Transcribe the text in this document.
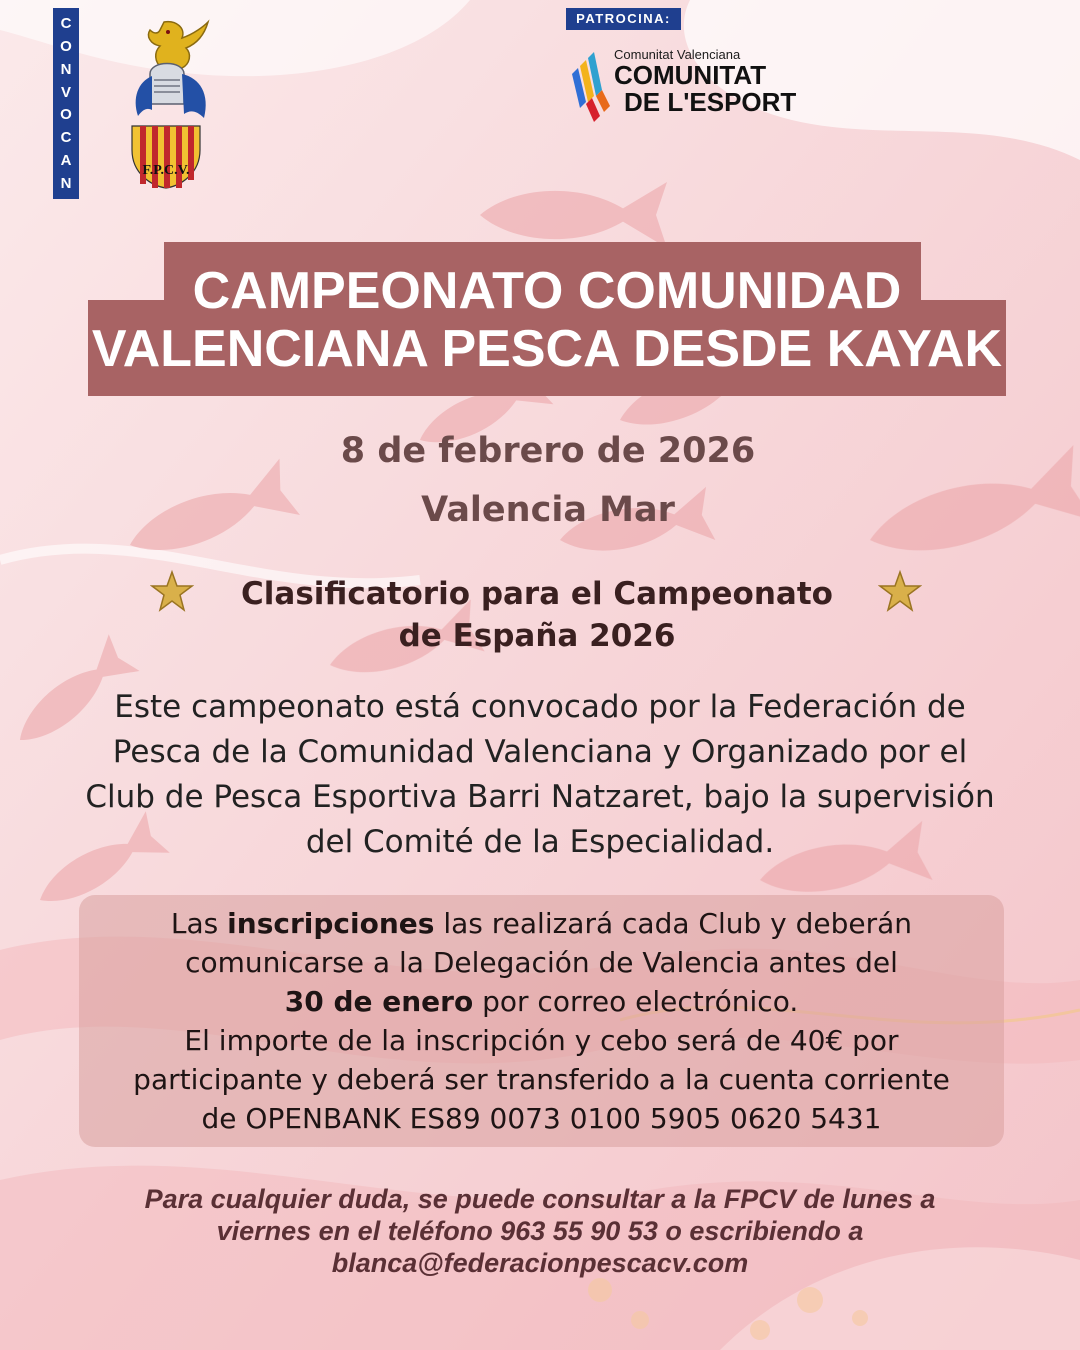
C
O
N
V
O
C
A
N
F.P.C.V.
PATROCINA:
Comunitat Valenciana
COMUNITAT
DE L'ESPORT
CAMPEONATO COMUNIDAD
VALENCIANA PESCA DESDE KAYAK
8 de febrero de 2026
Valencia Mar
Clasificatorio para el Campeonato
de España 2026
Este campeonato está convocado por la Federación de
Pesca de la Comunidad Valenciana y Organizado por el
Club de Pesca Esportiva Barri Natzaret, bajo la supervisión
del Comité de la Especialidad.
Las inscripciones las realizará cada Club y deberán
comunicarse a la Delegación de Valencia antes del
30 de enero por correo electrónico.
El importe de la inscripción y cebo será de 40€ por
participante y deberá ser transferido a la cuenta corriente
de OPENBANK ES89 0073 0100 5905 0620 5431
Para cualquier duda, se puede consultar a la FPCV de lunes a
viernes en el teléfono 963 55 90 53 o escribiendo a
blanca@federacionpescacv.com
